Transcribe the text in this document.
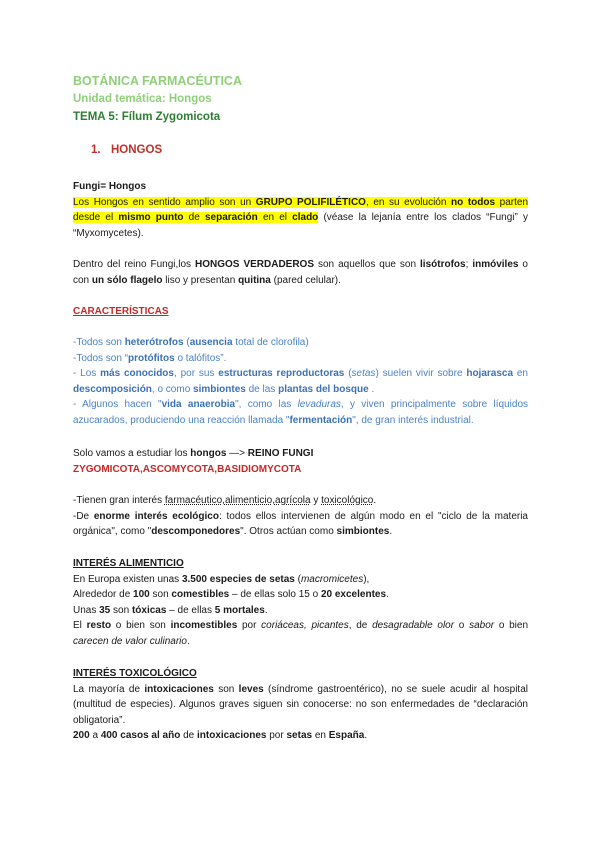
BOTÁNICA FARMACÉUTICA
Unidad temática: Hongos
TEMA 5: Fílum Zygomicota
1. HONGOS

Fungi= Hongos

Los Hongos en sentido amplio son un GRUPO POLIFILÉTICO, en su evolución no todos parten desde el mismo punto de separación en el clado (véase la lejanía entre los clados “Fungi” y “Myxomycetes).

Dentro del reino Fungi,los HONGOS VERDADEROS son aquellos que son lisótrofos; inmóviles o con un sólo flagelo liso y presentan quitina (pared celular).

CARACTERÍSTICAS

-Todos son heterótrofos (ausencia total de clorofila)

-Todos son “protófitos o talófitos”.

- Los más conocidos, por sus estructuras reproductoras (setas) suelen vivir sobre hojarasca en descomposición, o como simbiontes de las plantas del bosque .

- Algunos hacen "vida anaerobia", como las levaduras, y viven principalmente sobre líquidos azucarados, produciendo una reacción llamada "fermentación", de gran interés industrial.

Solo vamos a estudiar los hongos —> REINO FUNGI

ZYGOMICOTA,ASCOMYCOTA,BASIDIOMYCOTA

-Tienen gran interés farmacéutico,alimenticio,agrícola y toxicológico.

-De enorme interés ecológico: todos ellos intervienen de algún modo en el "ciclo de la materia orgánica", como "descomponedores". Otros actúan como simbiontes.

INTERÉS ALIMENTICIO

En Europa existen unas 3.500 especies de setas (macromicetes),

Alrededor de 100 son comestibles – de ellas solo 15 o 20 excelentes.

Unas 35 son tóxicas – de ellas 5 mortales.

El resto o bien son incomestibles por coriáceas, picantes, de desagradable olor o sabor o bien carecen de valor culinario.

INTERÉS TOXICOLÓGICO

La mayoría de intoxicaciones son leves (síndrome gastroentérico), no se suele acudir al hospital (multitud de especies). Algunos graves siguen sin conocerse: no son enfermedades de “declaración obligatoria”.

200 a 400 casos al año de intoxicaciones por setas en España.
